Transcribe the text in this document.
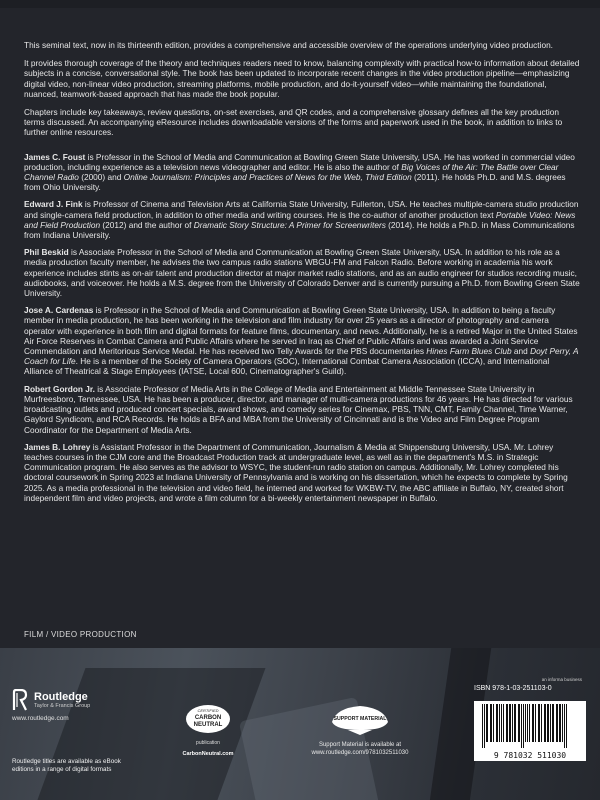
This seminal text, now in its thirteenth edition, provides a comprehensive and accessible overview of the operations underlying video production.

It provides thorough coverage of the theory and techniques readers need to know, balancing complexity with practical how-to information about detailed subjects in a concise, conversational style. The book has been updated to incorporate recent changes in the video production pipeline—emphasizing digital video, non-linear video production, streaming platforms, mobile production, and do-it-yourself video—while maintaining the foundational, nuanced, teamwork-based approach that has made the book popular.

Chapters include key takeaways, review questions, on-set exercises, and QR codes, and a comprehensive glossary defines all the key production terms discussed. An accompanying eResource includes downloadable versions of the forms and paperwork used in the book, in addition to links to further online resources.

James C. Foust is Professor in the School of Media and Communication at Bowling Green State University, USA. He has worked in commercial video production, including experience as a television news videographer and editor. He is also the author of Big Voices of the Air: The Battle over Clear Channel Radio (2000) and Online Journalism: Principles and Practices of News for the Web, Third Edition (2011). He holds Ph.D. and M.S. degrees from Ohio University.
Edward J. Fink is Professor of Cinema and Television Arts at California State University, Fullerton, USA. He teaches multiple-camera studio production and single-camera field production, in addition to other media and writing courses. He is the co-author of another production text Portable Video: News and Field Production (2012) and the author of Dramatic Story Structure: A Primer for Screenwriters (2014). He holds a Ph.D. in Mass Communications from Indiana University.
Phil Beskid is Associate Professor in the School of Media and Communication at Bowling Green State University, USA. In addition to his role as a media production faculty member, he advises the two campus radio stations WBGU-FM and Falcon Radio. Before working in academia his work experience includes stints as on-air talent and production director at major market radio stations, and as an audio engineer for studios recording music, audiobooks, and voiceover. He holds a M.S. degree from the University of Colorado Denver and is currently pursuing a Ph.D. from Bowling Green State University.
Jose A. Cardenas is Professor in the School of Media and Communication at Bowling Green State University, USA. In addition to being a faculty member in media production, he has been working in the television and film industry for over 25 years as a director of photography and camera operator with experience in both film and digital formats for feature films, documentary, and news. Additionally, he is a retired Major in the United States Air Force Reserves in Combat Camera and Public Affairs where he served in Iraq as Chief of Public Affairs and was awarded a Joint Service Commendation and Meritorious Service Medal. He has received two Telly Awards for the PBS documentaries Hines Farm Blues Club and Doyt Perry, A Coach for Life. He is a member of the Society of Camera Operators (SOC), International Combat Camera Association (ICCA), and International Alliance of Theatrical & Stage Employees (IATSE, Local 600, Cinematographer's Guild).
Robert Gordon Jr. is Associate Professor of Media Arts in the College of Media and Entertainment at Middle Tennessee State University in Murfreesboro, Tennessee, USA. He has been a producer, director, and manager of multi-camera productions for 46 years. He has directed for various broadcasting outlets and produced concert specials, award shows, and comedy series for Cinemax, PBS, TNN, CMT, Family Channel, Time Warner, Gaylord Syndicom, and RCA Records. He holds a BFA and MBA from the University of Cincinnati and is the Video and Film Degree Program Coordinator for the Department of Media Arts.
James B. Lohrey is Assistant Professor in the Department of Communication, Journalism & Media at Shippensburg University, USA. Mr. Lohrey teaches courses in the CJM core and the Broadcast Production track at undergraduate level, as well as in the department's M.S. in Strategic Communication program. He also serves as the advisor to WSYC, the student-run radio station on campus. Additionally, Mr. Lohrey completed his doctoral coursework in Spring 2023 at Indiana University of Pennsylvania and is working on his dissertation, which he expects to complete by Spring 2025. As a media professional in the television and video field, he interned and worked for WKBW-TV, the ABC affiliate in Buffalo, NY, created short independent film and video projects, and wrote a film column for a bi-weekly entertainment newspaper in Buffalo.
FILM / VIDEO PRODUCTION
Routledge
Taylor & Francis Group
www.routledge.com
Routledge titles are available as eBook editions in a range of digital formats
CERTIFIED
CARBON
NEUTRAL
publication
CarbonNeutral.com
SUPPORT MATERIAL
Support Material is available at
www.routledge.com/9781032511030
an informa business
ISBN 978-1-03-251103-0
9 781032 511030
